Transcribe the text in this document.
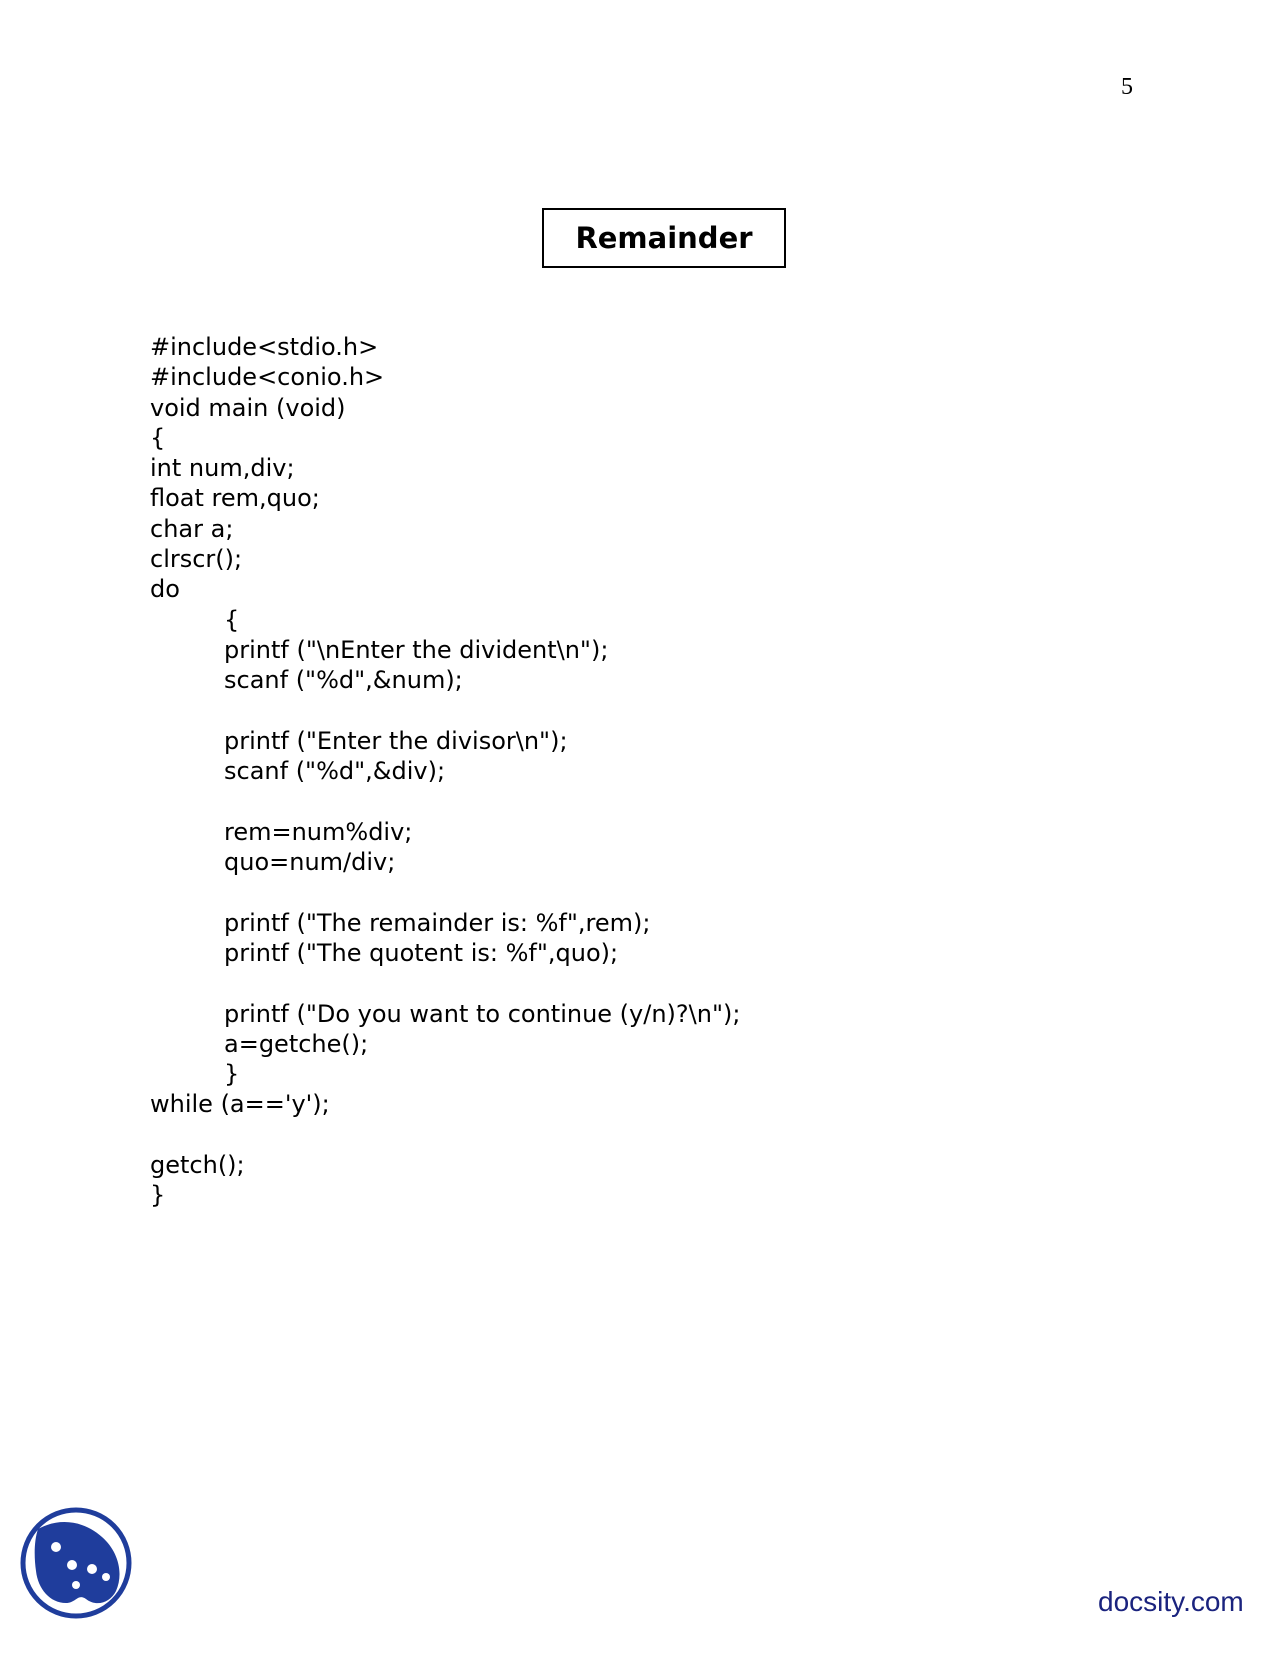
5
Remainder
#include<stdio.h>
#include<conio.h>
void main (void)
{
int num,div;
float rem,quo;
char a;
clrscr();
do
{
printf ("\nEnter the divident\n");
scanf ("%d",&num);
printf ("Enter the divisor\n");
scanf ("%d",&div);
rem=num%div;
quo=num/div;
printf ("The remainder is: %f",rem);
printf ("The quotent is: %f",quo);
printf ("Do you want to continue (y/n)?\n");
a=getche();
}
while (a=='y');
getch();
}
docsity.com
